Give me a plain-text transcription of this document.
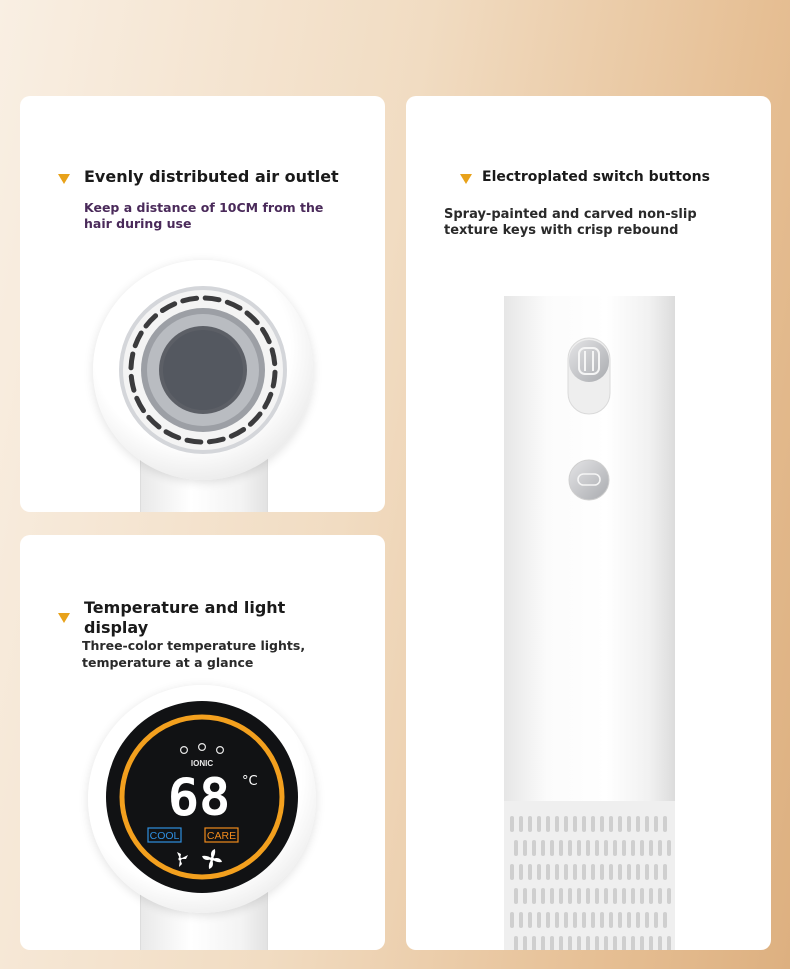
Evenly distributed air outlet
Keep a distance of 10CM from the hair during use
Temperature and light
display
Three-color temperature lights,
temperature at a glance
IONIC
68 °C
COOL	CARE
Electroplated switch buttons
Spray-painted and carved non-slip texture keys with crisp rebound
